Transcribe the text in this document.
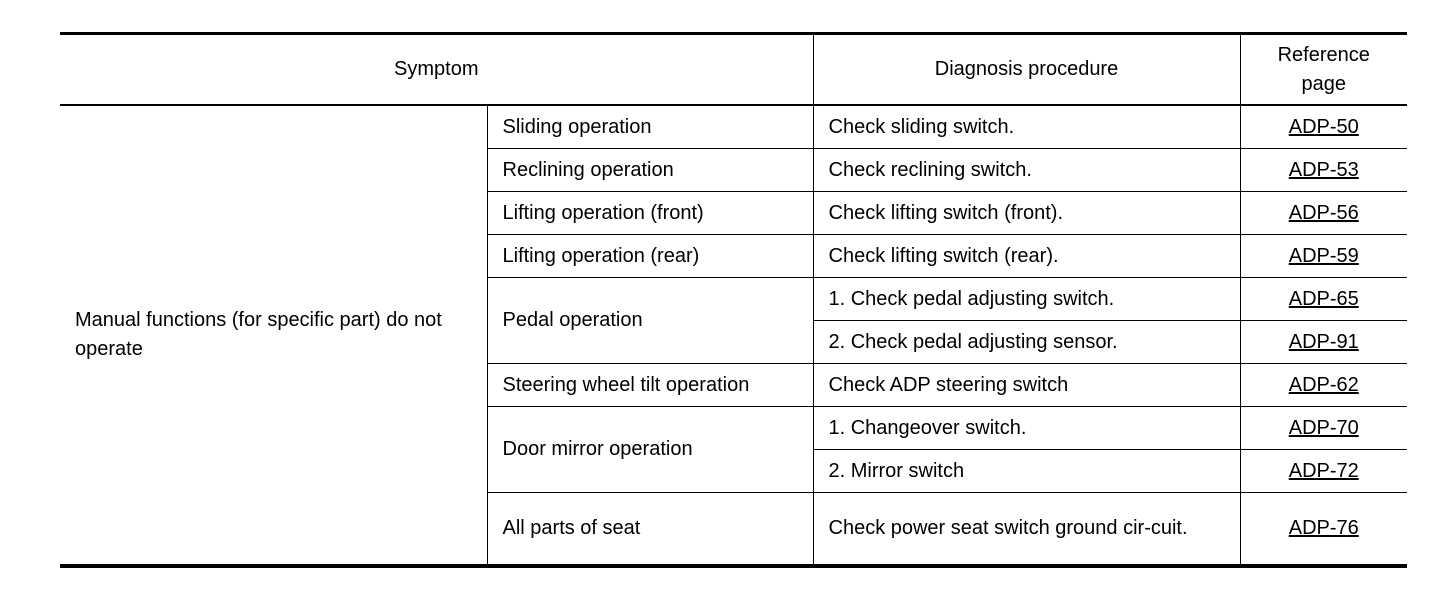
Symptom		Diagnosis procedure	Reference page
Manual functions (for specific part) do not operate	Sliding operation	Check sliding switch.	ADP-50
	Reclining operation	Check reclining switch.	ADP-53
	Lifting operation (front)	Check lifting switch (front).	ADP-56
	Lifting operation (rear)	Check lifting switch (rear).	ADP-59
	Pedal operation	1. Check pedal adjusting switch.	ADP-65
		2. Check pedal adjusting sensor.	ADP-91
	Steering wheel tilt operation	Check ADP steering switch	ADP-62
	Door mirror operation	1. Changeover switch.	ADP-70
		2. Mirror switch	ADP-72
	All parts of seat	Check power seat switch ground cir-cuit.	ADP-76
